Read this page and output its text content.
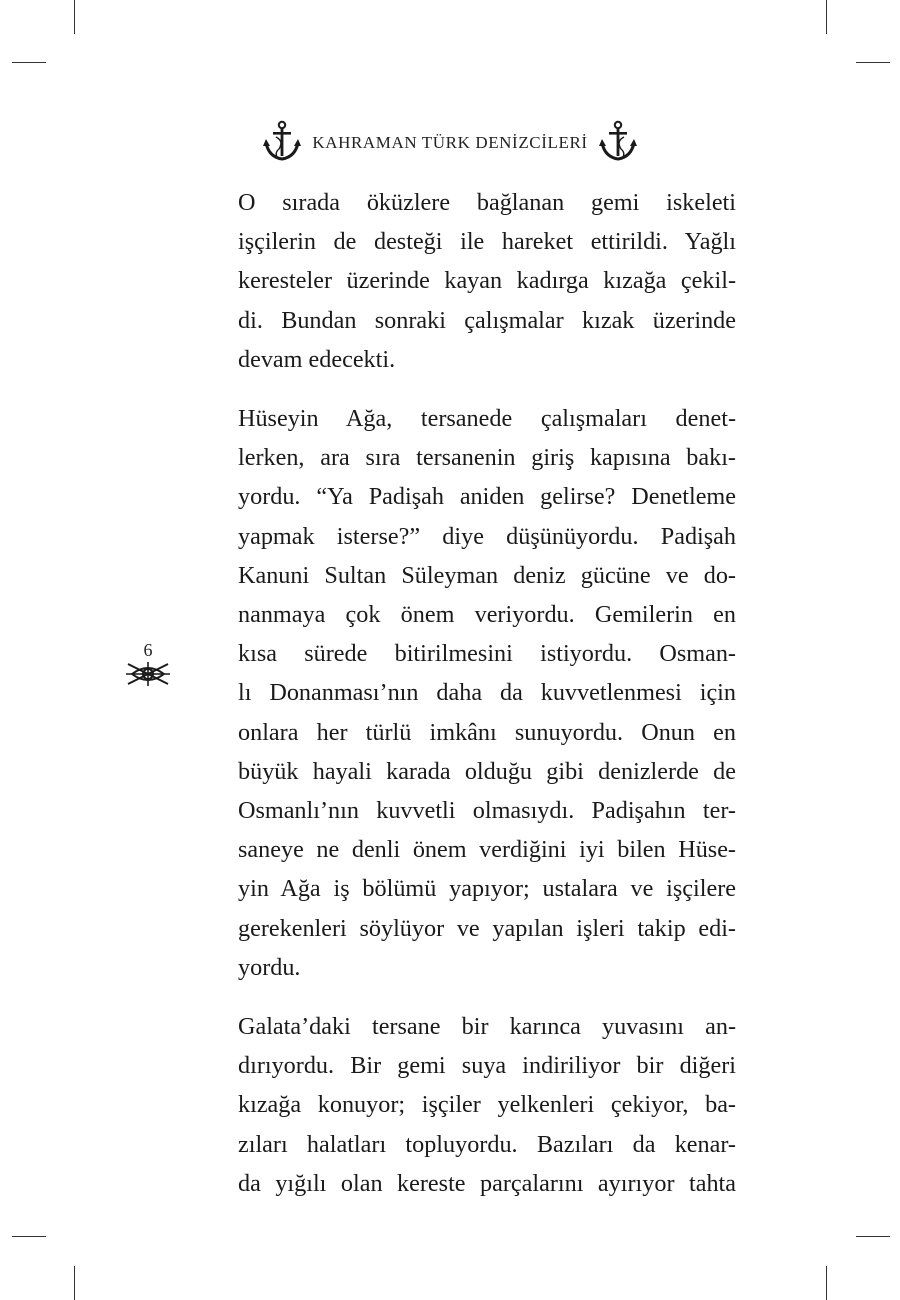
KAHRAMAN TÜRK DENİZCİLERİ
6

O sırada öküzlere bağlanan gemi iskeleti
işçilerin de desteği ile hareket ettirildi. Yağlı
keresteler üzerinde kayan kadırga kızağa çekil-
di. Bundan sonraki çalışmalar kızak üzerinde
devam edecekti.

Hüseyin Ağa, tersanede çalışmaları denet-
lerken, ara sıra tersanenin giriş kapısına bakı-
yordu. “Ya Padişah aniden gelirse? Denetleme
yapmak isterse?” diye düşünüyordu. Padişah
Kanuni Sultan Süleyman deniz gücüne ve do-
nanmaya çok önem veriyordu. Gemilerin en
kısa sürede bitirilmesini istiyordu. Osman-
lı Donanması’nın daha da kuvvetlenmesi için
onlara her türlü imkânı sunuyordu. Onun en
büyük hayali karada olduğu gibi denizlerde de
Osmanlı’nın kuvvetli olmasıydı. Padişahın ter-
saneye ne denli önem verdiğini iyi bilen Hüse-
yin Ağa iş bölümü yapıyor; ustalara ve işçilere
gerekenleri söylüyor ve yapılan işleri takip edi-
yordu.

Galata’daki tersane bir karınca yuvasını an-
dırıyordu. Bir gemi suya indiriliyor bir diğeri
kızağa konuyor; işçiler yelkenleri çekiyor, ba-
zıları halatları topluyordu. Bazıları da kenar-
da yığılı olan kereste parçalarını ayırıyor tahta
